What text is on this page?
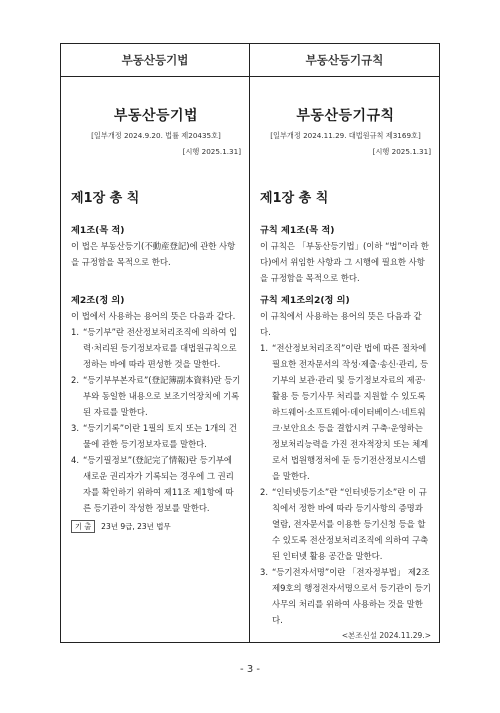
부동산등기법
부동산등기법
[일부개정 2024.9.20. 법률 제20435호]
[시행 2025.1.31]
제1장 총 칙
제1조(목 적)
이 법은 부동산등기(不動産登記)에 관한 사항을 규정함을 목적으로 한다.
제2조(정 의)
이 법에서 사용하는 용어의 뜻은 다음과 같다.
1. “등기부”란 전산정보처리조직에 의하여 입력·처리된 등기정보자료를 대법원규칙으로 정하는 바에 따라 편성한 것을 말한다.
2. “등기부부본자료”(登記簿副本資料)란 등기부와 동일한 내용으로 보조기억장치에 기록된 자료를 말한다.
3. “등기기록”이란 1필의 토지 또는 1개의 건물에 관한 등기정보자료를 말한다.
4. “등기필정보”(登記完了情報)란 등기부에 새로운 권리자가 기록되는 경우에 그 권리자를 확인하기 위하여 제11조 제1항에 따른 등기관이 작성한 정보를 말한다.
기 출	23년 9급, 23년 법무
부동산등기규칙
부동산등기규칙
[일부개정 2024.11.29. 대법원규칙 제3169호]
[시행 2025.1.31]
제1장 총 칙
규칙 제1조(목 적)
이 규칙은 「부동산등기법」(이하 “법”이라 한다)에서 위임한 사항과 그 시행에 필요한 사항을 규정함을 목적으로 한다.
규칙 제1조의2(정 의)
이 규칙에서 사용하는 용어의 뜻은 다음과 같다.
1. “전산정보처리조직”이란 법에 따른 절차에 필요한 전자문서의 작성·제출·송신·관리, 등기부의 보관·관리 및 등기정보자료의 제공·활용 등 등기사무 처리를 지원할 수 있도록 하드웨어·소프트웨어·데이터베이스·네트워크·보안요소 등을 결합시켜 구축·운영하는 정보처리능력을 가진 전자적장치 또는 체계로서 법원행정처에 둔 등기전산정보시스템을 말한다.
2. “인터넷등기소”란 “인터넷등기소”란 이 규칙에서 정한 바에 따라 등기사항의 증명과 열람, 전자문서를 이용한 등기신청 등을 할 수 있도록 전산정보처리조직에 의하여 구축된 인터넷 활용 공간을 말한다.
3. “등기전자서명”이란 「전자정부법」 제2조 제9호의 행정전자서명으로서 등기관이 등기사무의 처리를 위하여 사용하는 것을 말한다.
<본조신설 2024.11.29.>
- 3 -
